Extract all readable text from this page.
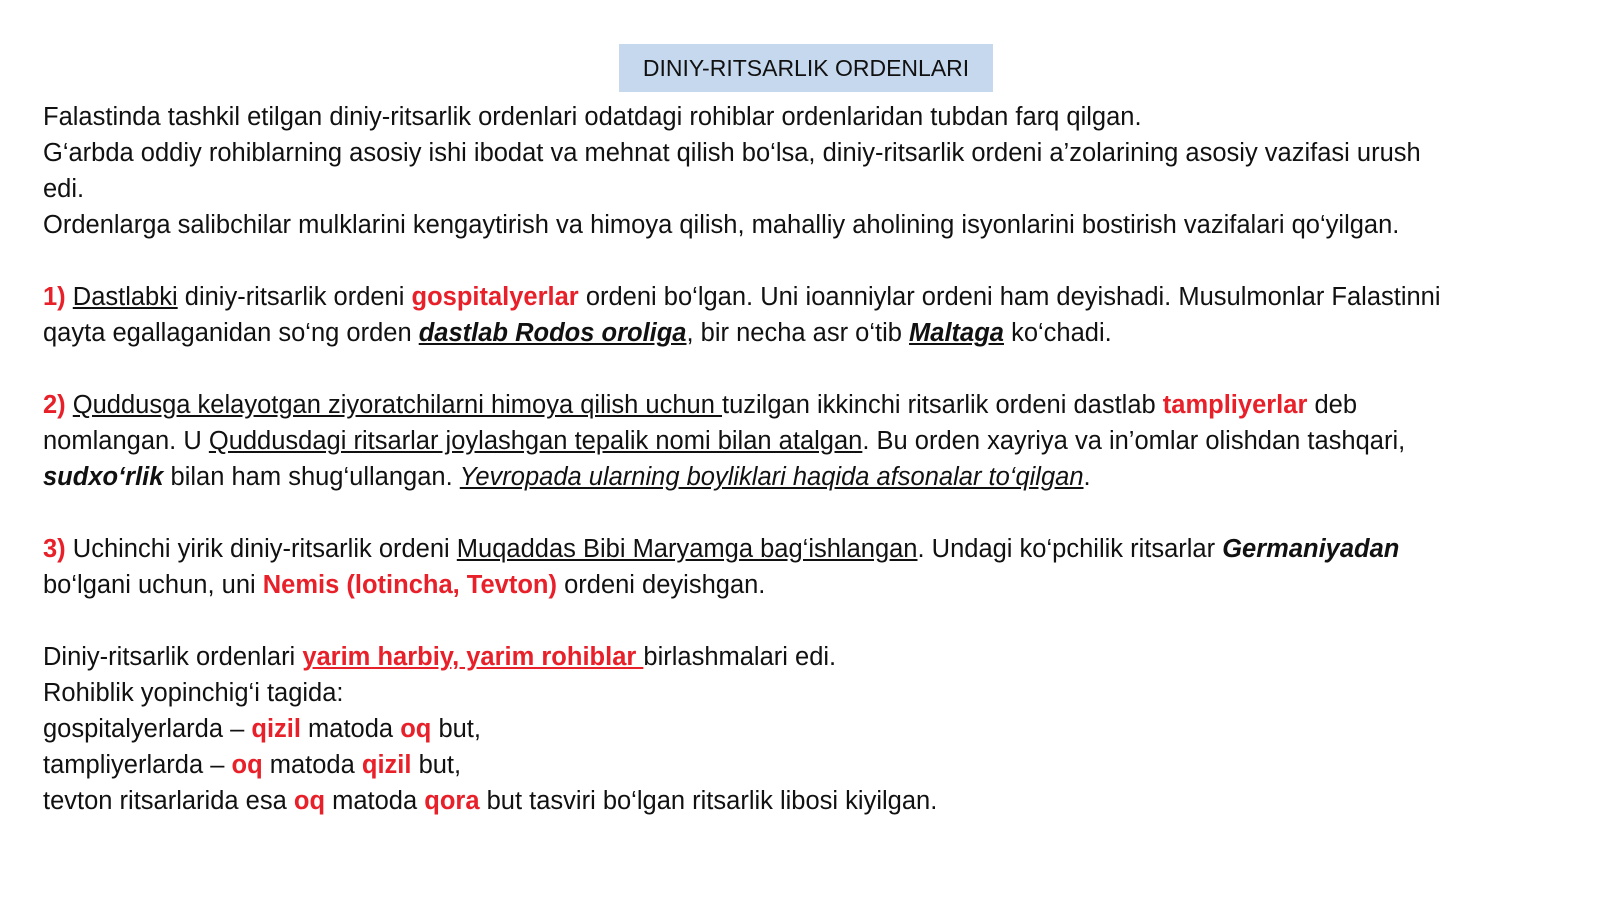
DINIY-RITSARLIK ORDENLARI
Falastinda tashkil etilgan diniy-ritsarlik ordenlari odatdagi rohiblar ordenlaridan tubdan farq qilgan.
G‘arbda oddiy rohiblarning asosiy ishi ibodat va mehnat qilish bo‘lsa, diniy-ritsarlik ordeni a’zolarining asosiy vazifasi urush
edi.
Ordenlarga salibchilar mulklarini kengaytirish va himoya qilish, mahalliy aholining isyonlarini bostirish vazifalari qo‘yilgan.
1) Dastlabki diniy-ritsarlik ordeni gospitalyerlar ordeni bo‘lgan. Uni ioanniylar ordeni ham deyishadi. Musulmonlar Falastinni
qayta egallaganidan so‘ng orden dastlab Rodos oroliga, bir necha asr o‘tib Maltaga ko‘chadi.
2) Quddusga kelayotgan ziyoratchilarni himoya qilish uchun tuzilgan ikkinchi ritsarlik ordeni dastlab tampliyerlar deb
nomlangan. U Quddusdagi ritsarlar joylashgan tepalik nomi bilan atalgan. Bu orden xayriya va in’omlar olishdan tashqari,
sudxo‘rlik bilan ham shug‘ullangan. Yevropada ularning boyliklari haqida afsonalar to‘qilgan.
3) Uchinchi yirik diniy-ritsarlik ordeni Muqaddas Bibi Maryamga bag‘ishlangan. Undagi ko‘pchilik ritsarlar Germaniyadan
bo‘lgani uchun, uni Nemis (lotincha, Tevton) ordeni deyishgan.
Diniy-ritsarlik ordenlari yarim harbiy, yarim rohiblar birlashmalari edi.
Rohiblik yopinchig‘i tagida:
gospitalyerlarda – qizil matoda oq but,
tampliyerlarda – oq matoda qizil but,
tevton ritsarlarida esa oq matoda qora but tasviri bo‘lgan ritsarlik libosi kiyilgan.
